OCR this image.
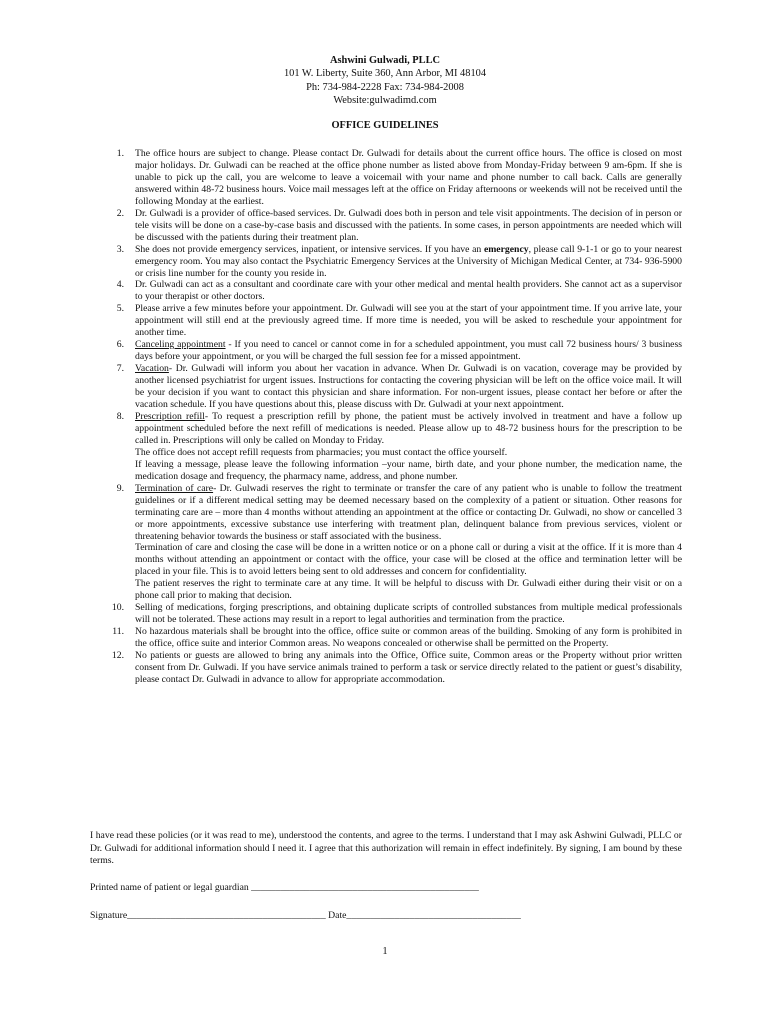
Ashwini Gulwadi, PLLC
101 W. Liberty, Suite 360, Ann Arbor, MI 48104
Ph: 734-984-2228 Fax: 734-984-2008
Website:gulwadimd.com
OFFICE GUIDELINES
1. The office hours are subject to change. Please contact Dr. Gulwadi for details about the current office hours. The office is closed on most major holidays. Dr. Gulwadi can be reached at the office phone number as listed above from Monday-Friday between 9 am-6pm. If she is unable to pick up the call, you are welcome to leave a voicemail with your name and phone number to call back. Calls are generally answered within 48-72 business hours. Voice mail messages left at the office on Friday afternoons or weekends will not be received until the following Monday at the earliest.
2. Dr. Gulwadi is a provider of office-based services. Dr. Gulwadi does both in person and tele visit appointments. The decision of in person or tele visits will be done on a case-by-case basis and discussed with the patients. In some cases, in person appointments are needed which will be discussed with the patients during their treatment plan.
3. She does not provide emergency services, inpatient, or intensive services. If you have an emergency, please call 9-1-1 or go to your nearest emergency room. You may also contact the Psychiatric Emergency Services at the University of Michigan Medical Center, at 734- 936-5900 or crisis line number for the county you reside in.
4. Dr. Gulwadi can act as a consultant and coordinate care with your other medical and mental health providers. She cannot act as a supervisor to your therapist or other doctors.
5. Please arrive a few minutes before your appointment. Dr. Gulwadi will see you at the start of your appointment time. If you arrive late, your appointment will still end at the previously agreed time. If more time is needed, you will be asked to reschedule your appointment for another time.
6. Canceling appointment - If you need to cancel or cannot come in for a scheduled appointment, you must call 72 business hours/ 3 business days before your appointment, or you will be charged the full session fee for a missed appointment.
7. Vacation- Dr. Gulwadi will inform you about her vacation in advance. When Dr. Gulwadi is on vacation, coverage may be provided by another licensed psychiatrist for urgent issues. Instructions for contacting the covering physician will be left on the office voice mail. It will be your decision if you want to contact this physician and share information. For non-urgent issues, please contact her before or after the vacation schedule. If you have questions about this, please discuss with Dr. Gulwadi at your next appointment.
8. Prescription refill- To request a prescription refill by phone, the patient must be actively involved in treatment and have a follow up appointment scheduled before the next refill of medications is needed. Please allow up to 48-72 business hours for the prescription to be called in. Prescriptions will only be called on Monday to Friday.
The office does not accept refill requests from pharmacies; you must contact the office yourself.
If leaving a message, please leave the following information –your name, birth date, and your phone number, the medication name, the medication dosage and frequency, the pharmacy name, address, and phone number.
9. Termination of care- Dr. Gulwadi reserves the right to terminate or transfer the care of any patient who is unable to follow the treatment guidelines or if a different medical setting may be deemed necessary based on the complexity of a patient or situation. Other reasons for terminating care are – more than 4 months without attending an appointment at the office or contacting Dr. Gulwadi, no show or cancelled 3 or more appointments, excessive substance use interfering with treatment plan, delinquent balance from previous services, violent or threatening behavior towards the business or staff associated with the business.
Termination of care and closing the case will be done in a written notice or on a phone call or during a visit at the office. If it is more than 4 months without attending an appointment or contact with the office, your case will be closed at the office and termination letter will be placed in your file. This is to avoid letters being sent to old addresses and concern for confidentiality.
The patient reserves the right to terminate care at any time. It will be helpful to discuss with Dr. Gulwadi either during their visit or on a phone call prior to making that decision.
10. Selling of medications, forging prescriptions, and obtaining duplicate scripts of controlled substances from multiple medical professionals will not be tolerated. These actions may result in a report to legal authorities and termination from the practice.
11. No hazardous materials shall be brought into the office, office suite or common areas of the building. Smoking of any form is prohibited in the office, office suite and interior Common areas. No weapons concealed or otherwise shall be permitted on the Property.
12. No patients or guests are allowed to bring any animals into the Office, Office suite, Common areas or the Property without prior written consent from Dr. Gulwadi. If you have service animals trained to perform a task or service directly related to the patient or guest’s disability, please contact Dr. Gulwadi in advance to allow for appropriate accommodation.
I have read these policies (or it was read to me), understood the contents, and agree to the terms. I understand that I may ask Ashwini Gulwadi, PLLC or Dr. Gulwadi for additional information should I need it. I agree that this authorization will remain in effect indefinitely. By signing, I am bound by these terms.
Printed name of patient or legal guardian _______________________________________________
Signature_________________________________________ Date____________________________________
1
